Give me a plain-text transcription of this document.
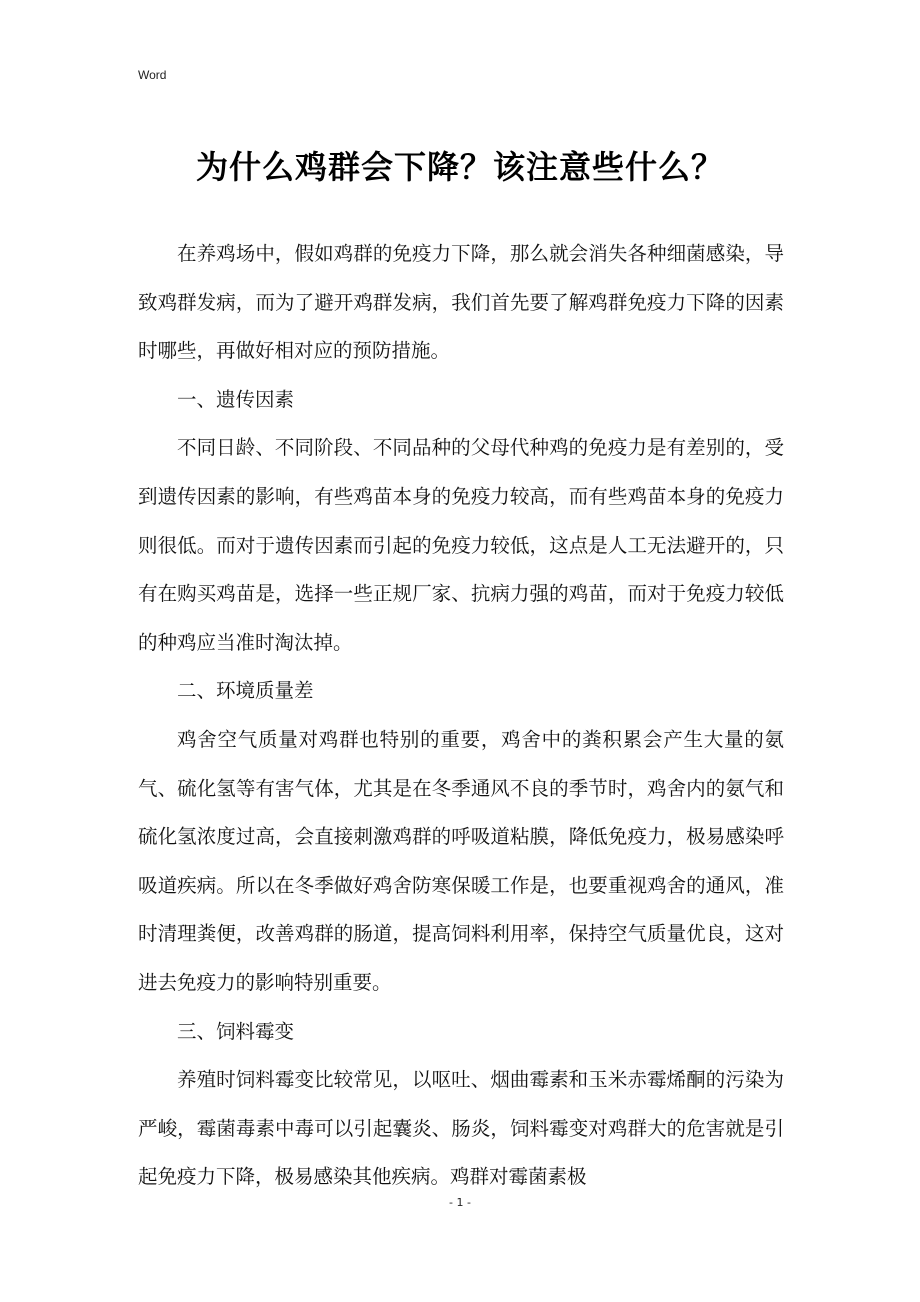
Word
为什么鸡群会下降？该注意些什么？

在养鸡场中，假如鸡群的免疫力下降，那么就会消失各种细菌感染，导致鸡群发病，而为了避开鸡群发病，我们首先要了解鸡群免疫力下降的因素时哪些，再做好相对应的预防措施。

一、遗传因素

不同日龄、不同阶段、不同品种的父母代种鸡的免疫力是有差别的，受到遗传因素的影响，有些鸡苗本身的免疫力较高，而有些鸡苗本身的免疫力则很低。而对于遗传因素而引起的免疫力较低，这点是人工无法避开的，只有在购买鸡苗是，选择一些正规厂家、抗病力强的鸡苗，而对于免疫力较低的种鸡应当准时淘汰掉。

二、环境质量差

鸡舍空气质量对鸡群也特别的重要，鸡舍中的粪积累会产生大量的氨气、硫化氢等有害气体，尤其是在冬季通风不良的季节时，鸡舍内的氨气和硫化氢浓度过高，会直接刺激鸡群的呼吸道粘膜，降低免疫力，极易感染呼吸道疾病。所以在冬季做好鸡舍防寒保暖工作是，也要重视鸡舍的通风，准时清理粪便，改善鸡群的肠道，提高饲料利用率，保持空气质量优良，这对进去免疫力的影响特别重要。

三、饲料霉变

养殖时饲料霉变比较常见，以呕吐、烟曲霉素和玉米赤霉烯酮的污染为严峻，霉菌毒素中毒可以引起囊炎、肠炎，饲料霉变对鸡群大的危害就是引起免疫力下降，极易感染其他疾病。鸡群对霉菌素极

- 1 -
